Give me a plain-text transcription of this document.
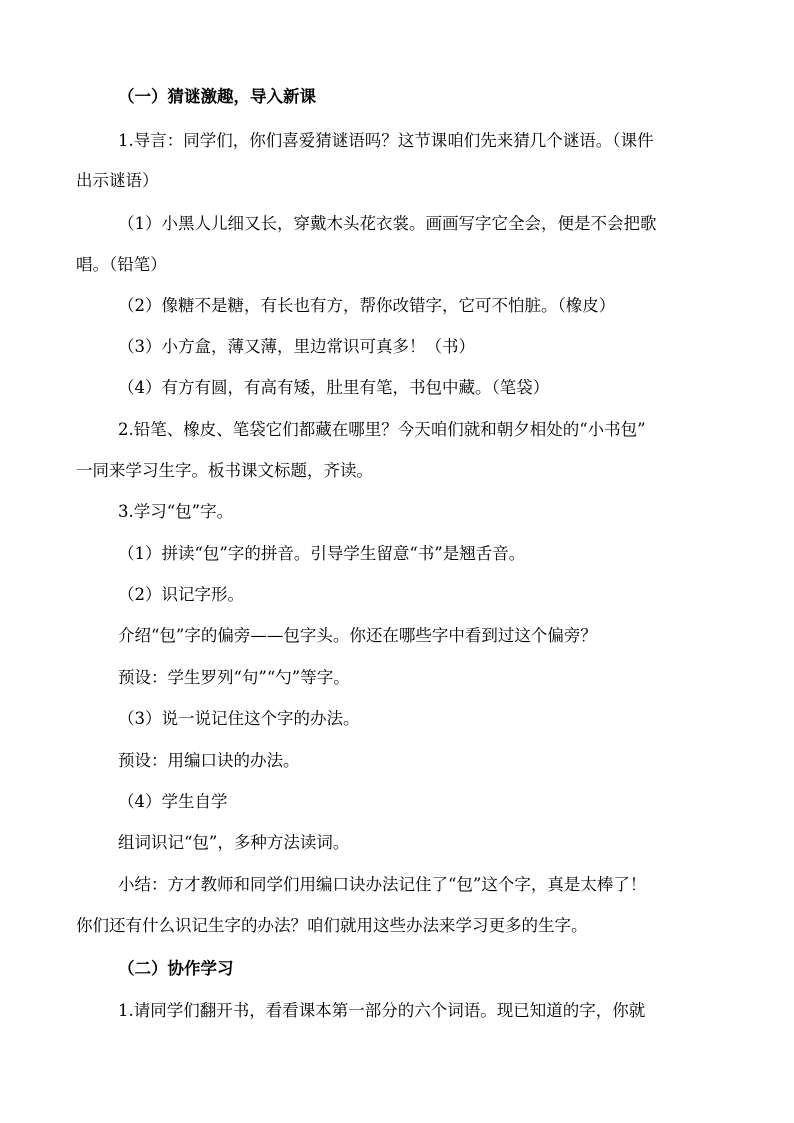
（一）猜谜激趣，导入新课
1.导言：同学们，你们喜爱猜谜语吗？这节课咱们先来猜几个谜语。（课件
出示谜语）
（1）小黑人儿细又长，穿戴木头花衣裳。画画写字它全会，便是不会把歌
唱。（铅笔）
（2）像糖不是糖，有长也有方，帮你改错字，它可不怕脏。（橡皮）
（3）小方盒，薄又薄，里边常识可真多！（书）
（4）有方有圆，有高有矮，肚里有笔，书包中藏。（笔袋）
2.铅笔、橡皮、笔袋它们都藏在哪里？今天咱们就和朝夕相处的“小书包”
一同来学习生字。板书课文标题，齐读。
3.学习“包”字。
（1）拼读“包”字的拼音。引导学生留意“书”是翘舌音。
（2）识记字形。
介绍“包”字的偏旁——包字头。你还在哪些字中看到过这个偏旁？
预设：学生罗列“句”“勺”等字。
（3）说一说记住这个字的办法。
预设：用编口诀的办法。
（4）学生自学
组词识记“包”，多种方法读词。
小结：方才教师和同学们用编口诀办法记住了“包”这个字，真是太棒了！
你们还有什么识记生字的办法？咱们就用这些办法来学习更多的生字。
（二）协作学习
1.请同学们翻开书，看看课本第一部分的六个词语。现已知道的字，你就
